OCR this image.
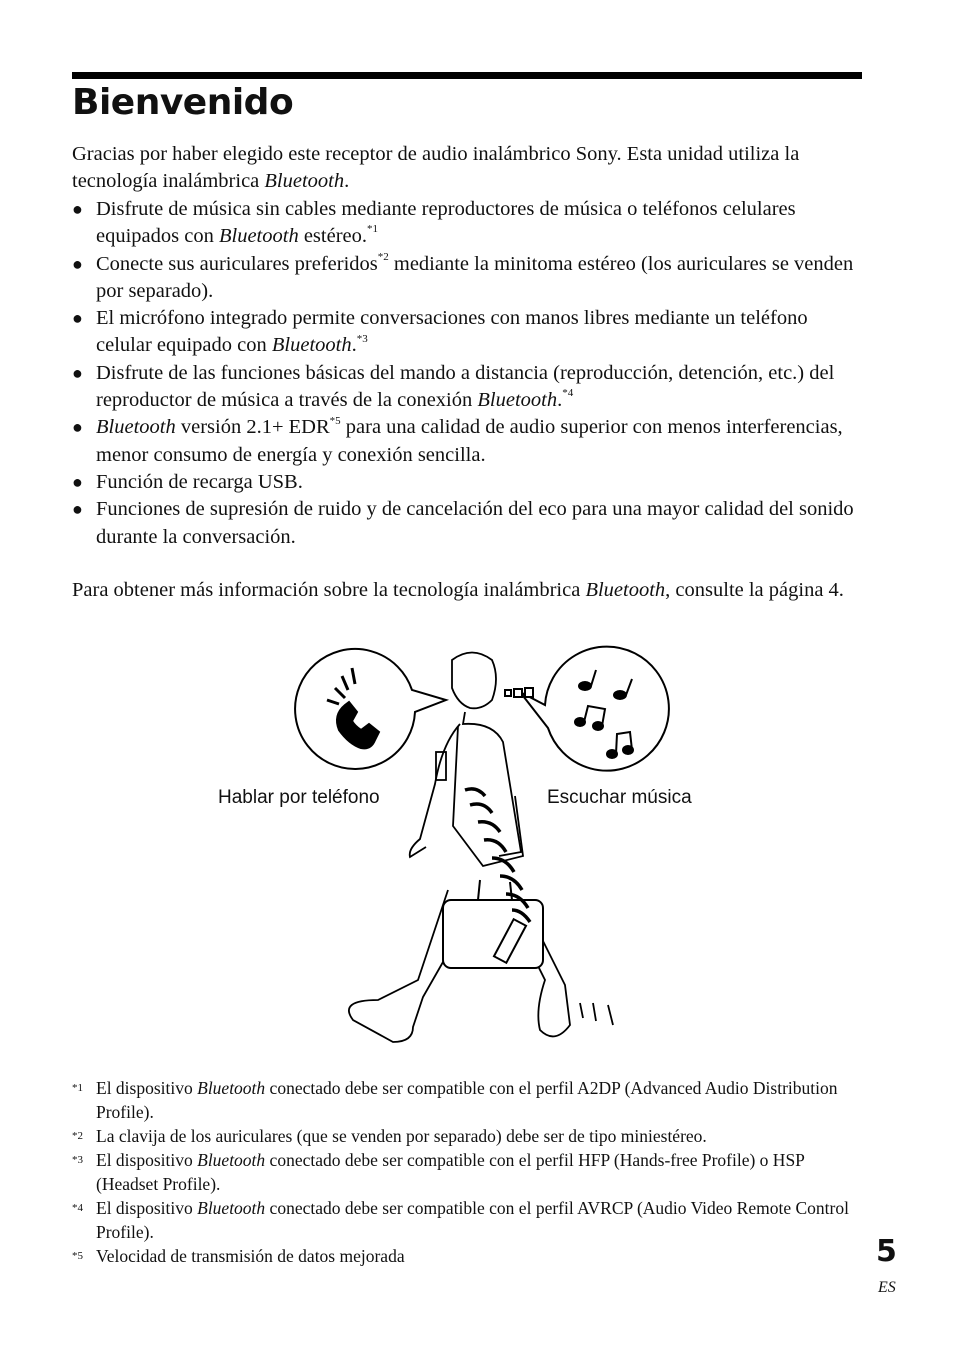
Bienvenido

Gracias por haber elegido este receptor de audio inalámbrico Sony. Esta unidad utiliza la tecnología inalámbrica Bluetooth.

● Disfrute de música sin cables mediante reproductores de música o teléfonos celulares equipados con Bluetooth estéreo.$^{*1}$
● Conecte sus auriculares preferidos$^{*2}$ mediante la minitoma estéreo (los auriculares se venden por separado).
● El micrófono integrado permite conversaciones con manos libres mediante un teléfono celular equipado con Bluetooth.$^{*3}$
● Disfrute de las funciones básicas del mando a distancia (reproducción, detención, etc.) del reproductor de música a través de la conexión Bluetooth.$^{*4}$
● Bluetooth versión $2.1+ EDR^{*5}$ para una calidad de audio superior con menos interferencias, menor consumo de energía y conexión sencilla.
● Función de recarga USB.
● Funciones de supresión de ruido y de cancelación del eco para una mayor calidad del sonido durante la conversación.

Para obtener más información sobre la tecnología inalámbrica Bluetooth, consulte la página 4.

Hablar por teléfono	Escuchar música
*1 El dispositivo Bluetooth conectado debe ser compatible con el perfil A2DP (Advanced Audio Distribution Profile).
*2 La clavija de los auriculares (que se venden por separado) debe ser de tipo miniestéreo.
*3 El dispositivo Bluetooth conectado debe ser compatible con el perfil HFP (Hands-free Profile) o HSP (Headset Profile).
*4 El dispositivo Bluetooth conectado debe ser compatible con el perfil AVRCP (Audio Video Remote Control Profile).
*5 Velocidad de transmisión de datos mejorada	5
ES
